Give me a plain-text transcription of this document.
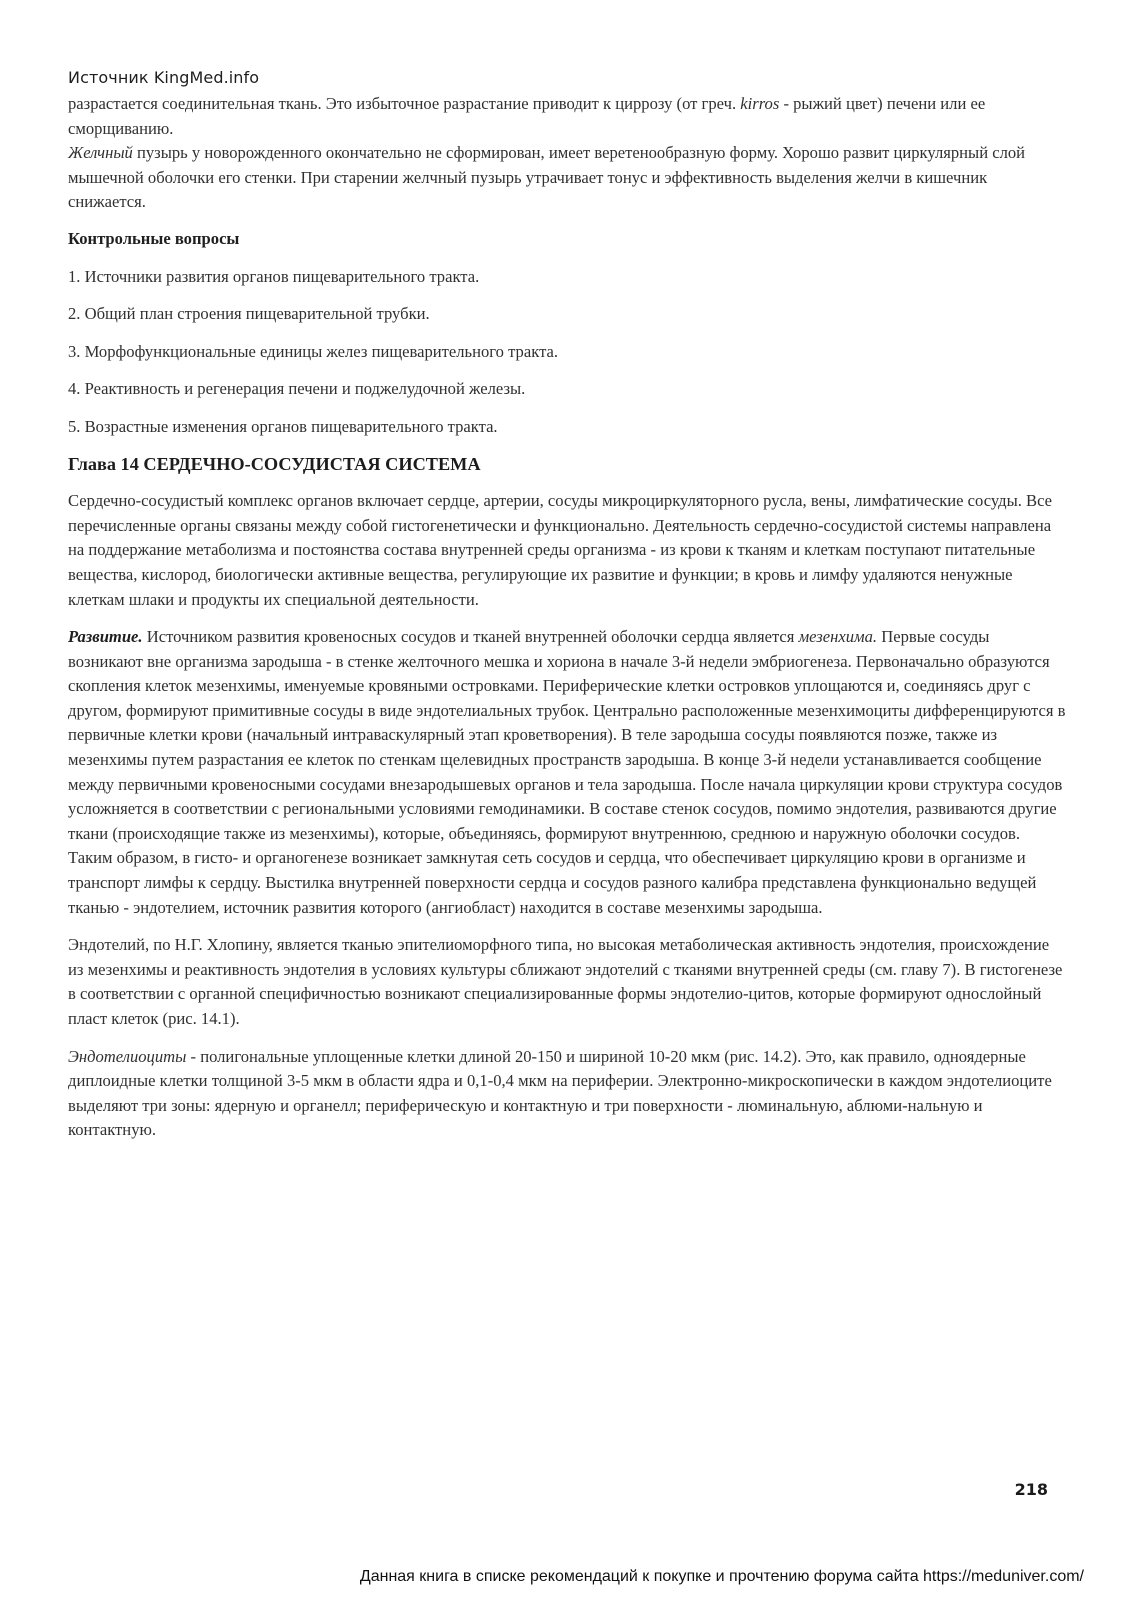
Источник KingMed.info

разрастается соединительная ткань. Это избыточное разрастание приводит к циррозу (от греч. kirros - рыжий цвет) печени или ее сморщиванию.

Желчный пузырь у новорожденного окончательно не сформирован, имеет веретенообразную форму. Хорошо развит циркулярный слой мышечной оболочки его стенки. При старении желчный пузырь утрачивает тонус и эффективность выделения желчи в кишечник снижается.

Контрольные вопросы

1. Источники развития органов пищеварительного тракта.

2. Общий план строения пищеварительной трубки.

3. Морфофункциональные единицы желез пищеварительного тракта.

4. Реактивность и регенерация печени и поджелудочной железы.

5. Возрастные изменения органов пищеварительного тракта.

Глава 14 СЕРДЕЧНО-СОСУДИСТАЯ СИСТЕМА

Сердечно-сосудистый комплекс органов включает сердце, артерии, сосуды микроциркуляторного русла, вены, лимфатические сосуды. Все перечисленные органы связаны между собой гистогенетически и функционально. Деятельность сердечно-сосудистой системы направлена на поддержание метаболизма и постоянства состава внутренней среды организма - из крови к тканям и клеткам поступают питательные вещества, кислород, биологически активные вещества, регулирующие их развитие и функции; в кровь и лимфу удаляются ненужные клеткам шлаки и продукты их специальной деятельности.

Развитие. Источником развития кровеносных сосудов и тканей внутренней оболочки сердца является мезенхима. Первые сосуды возникают вне организма зародыша - в стенке желточного мешка и хориона в начале 3-й недели эмбриогенеза. Первоначально образуются скопления клеток мезенхимы, именуемые кровяными островками. Периферические клетки островков уплощаются и, соединяясь друг с другом, формируют примитивные сосуды в виде эндотелиальных трубок. Центрально расположенные мезенхимоциты дифференцируются в первичные клетки крови (начальный интраваскулярный этап кроветворения). В теле зародыша сосуды появляются позже, также из мезенхимы путем разрастания ее клеток по стенкам щелевидных пространств зародыша. В конце 3-й недели устанавливается сообщение между первичными кровеносными сосудами внезародышевых органов и тела зародыша. После начала циркуляции крови структура сосудов усложняется в соответствии с региональными условиями гемодинамики. В составе стенок сосудов, помимо эндотелия, развиваются другие ткани (происходящие также из мезенхимы), которые, объединяясь, формируют внутреннюю, среднюю и наружную оболочки сосудов.

Таким образом, в гисто- и органогенезе возникает замкнутая сеть сосудов и сердца, что обеспечивает циркуляцию крови в организме и транспорт лимфы к сердцу. Выстилка внутренней поверхности сердца и сосудов разного калибра представлена функционально ведущей тканью - эндотелием, источник развития которого (ангиобласт) находится в составе мезенхимы зародыша.

Эндотелий, по Н.Г. Хлопину, является тканью эпителиоморфного типа, но высокая метаболическая активность эндотелия, происхождение из мезенхимы и реактивность эндотелия в условиях культуры сближают эндотелий с тканями внутренней среды (см. главу 7). В гистогенезе в соответствии с органной специфичностью возникают специализированные формы эндотелио-цитов, которые формируют однослойный пласт клеток (рис. 14.1).

Эндотелиоциты - полигональные уплощенные клетки длиной 20-150 и шириной 10-20 мкм (рис. 14.2). Это, как правило, одноядерные диплоидные клетки толщиной 3-5 мкм в области ядра и 0,1-0,4 мкм на периферии. Электронно-микроскопически в каждом эндотелиоците выделяют три зоны: ядерную и органелл; периферическую и контактную и три поверхности - люминальную, аблюми-нальную и контактную.

218
Данная книга в списке рекомендаций к покупке и прочтению форума сайта https://meduniver.com/
